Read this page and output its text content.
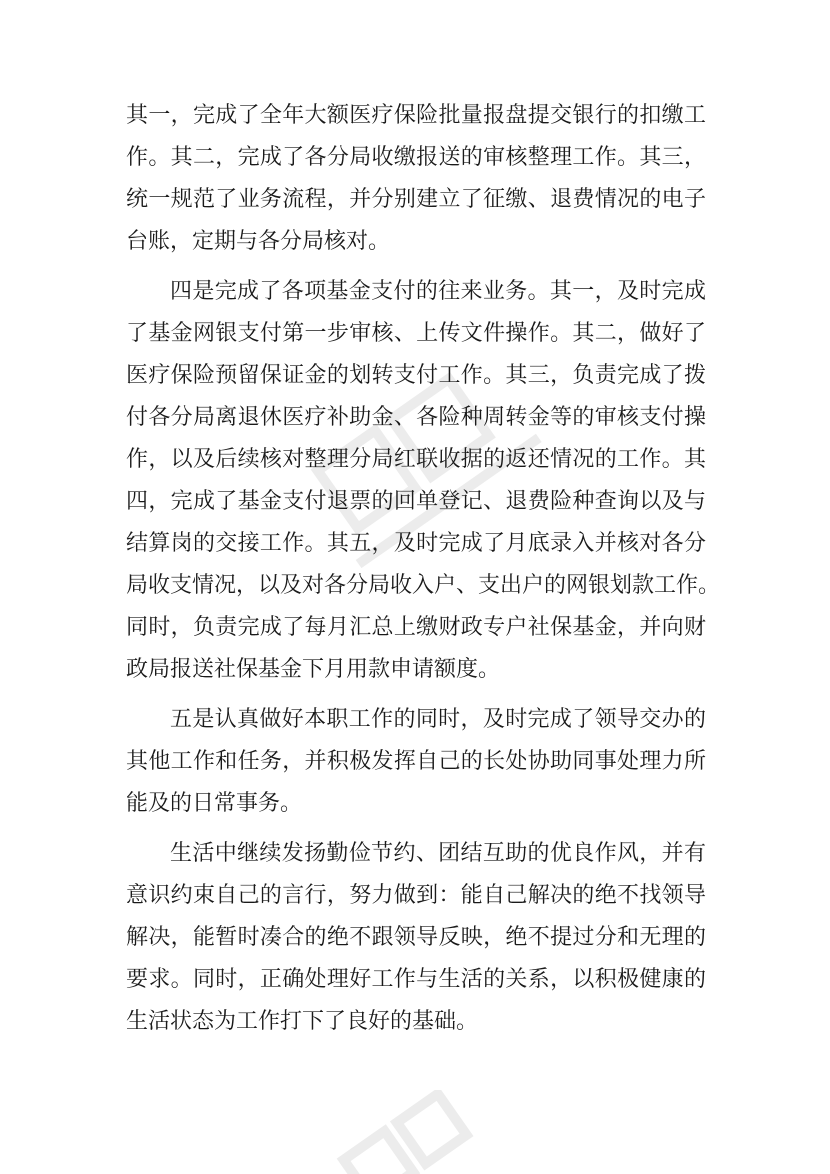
其一，完成了全年大额医疗保险批量报盘提交银行的扣缴工
作。其二，完成了各分局收缴报送的审核整理工作。其三，
统一规范了业务流程，并分别建立了征缴、退费情况的电子
台账，定期与各分局核对。
四是完成了各项基金支付的往来业务。其一，及时完成
了基金网银支付第一步审核、上传文件操作。其二，做好了
医疗保险预留保证金的划转支付工作。其三，负责完成了拨
付各分局离退休医疗补助金、各险种周转金等的审核支付操
作，以及后续核对整理分局红联收据的返还情况的工作。其
四，完成了基金支付退票的回单登记、退费险种查询以及与
结算岗的交接工作。其五，及时完成了月底录入并核对各分
局收支情况，以及对各分局收入户、支出户的网银划款工作。
同时，负责完成了每月汇总上缴财政专户社保基金，并向财
政局报送社保基金下月用款申请额度。
五是认真做好本职工作的同时，及时完成了领导交办的
其他工作和任务，并积极发挥自己的长处协助同事处理力所
能及的日常事务。
生活中继续发扬勤俭节约、团结互助的优良作风，并有
意识约束自己的言行，努力做到：能自己解决的绝不找领导
解决，能暂时凑合的绝不跟领导反映，绝不提过分和无理的
要求。同时，正确处理好工作与生活的关系，以积极健康的
生活状态为工作打下了良好的基础。
